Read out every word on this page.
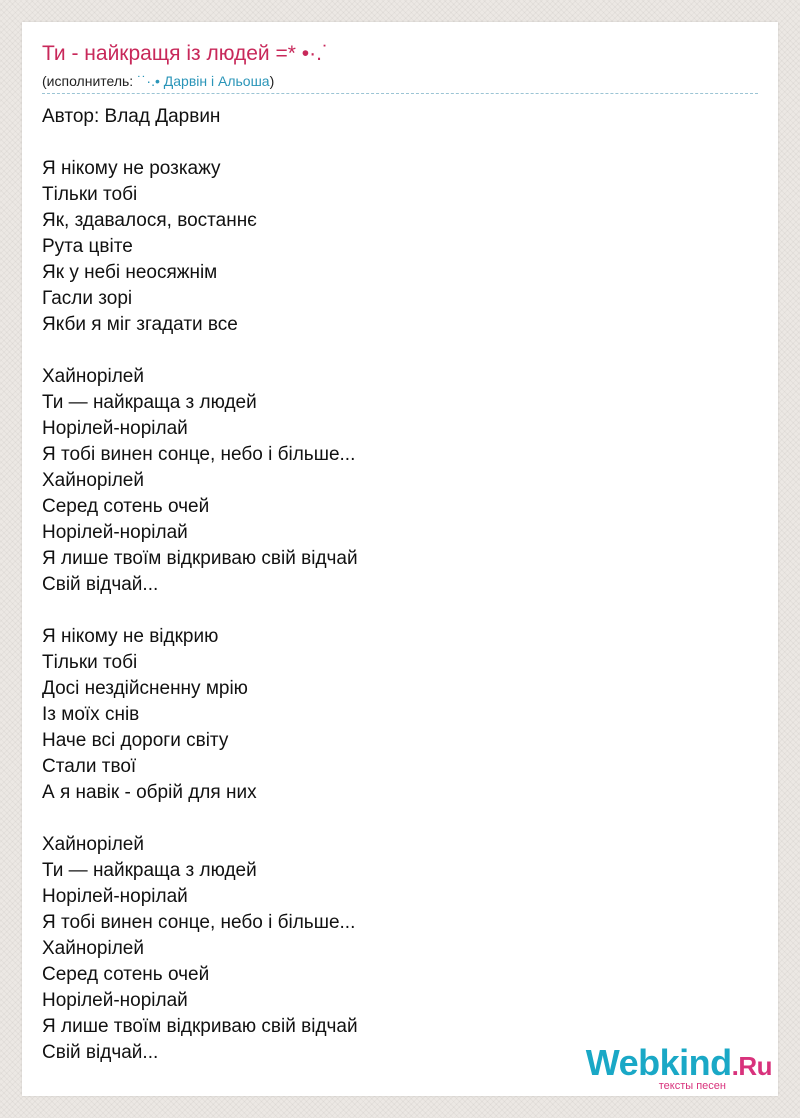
Ти - найкращя із людей =* •·.˙
(исполнитель: ˙˙·.• Дарвін і Альоша)
Автор: Влад Дарвин
Я нікому не розкажу
Тільки тобі
Як, здавалося, востаннє
Рута цвіте
Як у небі неосяжнім
Гасли зорі
Якби я міг згадати все
Хайнорілей
Ти — найкраща з людей
Норілей-норілай
Я тобі винен сонце, небо і більше...
Хайнорілей
Серед сотень очей
Норілей-норілай
Я лише твоїм відкриваю свій відчай
Свій відчай...
Я нікому не відкрию
Тільки тобі
Досі нездійсненну мрію
Із моїх снів
Наче всі дороги світу
Стали твої
А я навік - обрій для них
Хайнорілей
Ти — найкраща з людей
Норілей-норілай
Я тобі винен сонце, небо і більше...
Хайнорілей
Серед сотень очей
Норілей-норілай
Я лише твоїм відкриваю свій відчай
Свій відчай...	Webkind.Ru
тексты песен
